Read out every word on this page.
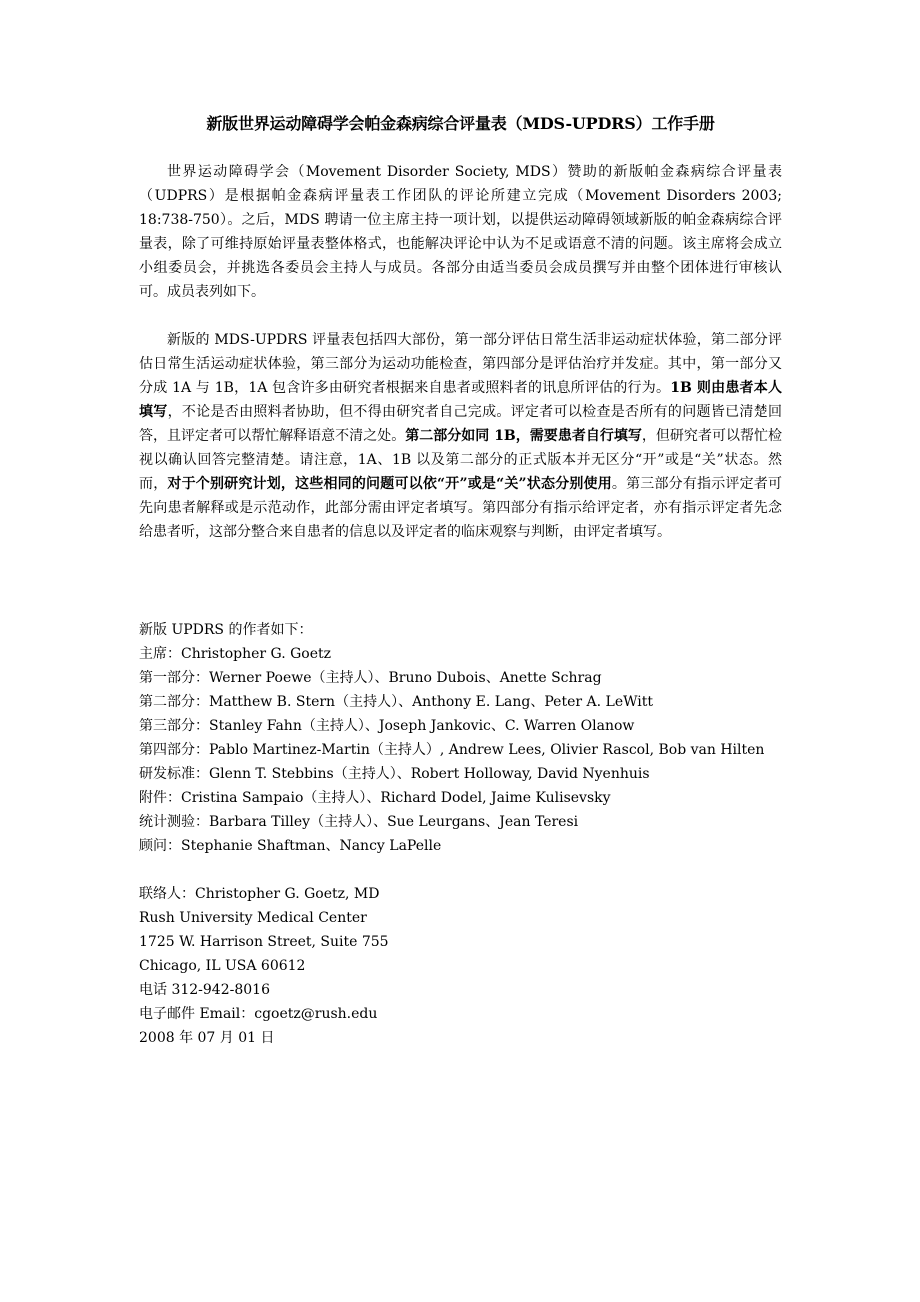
新版世界运动障碍学会帕金森病综合评量表（MDS-UPDRS）工作手册

世界运动障碍学会（Movement Disorder Society, MDS）赞助的新版帕金森病综合评量表（UDPRS）是根据帕金森病评量表工作团队的评论所建立完成（Movement Disorders 2003; 18:738-750）。之后，MDS 聘请一位主席主持一项计划，以提供运动障碍领域新版的帕金森病综合评量表，除了可维持原始评量表整体格式，也能解决评论中认为不足或语意不清的问题。该主席将会成立小组委员会，并挑选各委员会主持人与成员。各部分由适当委员会成员撰写并由整个团体进行审核认可。成员表列如下。

新版的 MDS-UPDRS 评量表包括四大部份，第一部分评估日常生活非运动症状体验，第二部分评估日常生活运动症状体验，第三部分为运动功能检查，第四部分是评估治疗并发症。其中，第一部分又分成 1A 与 1B，1A 包含许多由研究者根据来自患者或照料者的讯息所评估的行为。1B 则由患者本人填写，不论是否由照料者协助，但不得由研究者自己完成。评定者可以检查是否所有的问题皆已清楚回答，且评定者可以帮忙解释语意不清之处。第二部分如同 1B，需要患者自行填写，但研究者可以帮忙检视以确认回答完整清楚。请注意，1A、1B 以及第二部分的正式版本并无区分“开”或是“关”状态。然而，对于个别研究计划，这些相同的问题可以依“开”或是“关”状态分别使用。第三部分有指示评定者可先向患者解释或是示范动作，此部分需由评定者填写。第四部分有指示给评定者，亦有指示评定者先念给患者听，这部分整合来自患者的信息以及评定者的临床观察与判断，由评定者填写。

新版 UPDRS 的作者如下：
主席：Christopher G. Goetz
第一部分：Werner Poewe（主持人）、Bruno Dubois、Anette Schrag
第二部分：Matthew B. Stern（主持人）、Anthony E. Lang、Peter A. LeWitt
第三部分：Stanley Fahn（主持人）、Joseph Jankovic、C. Warren Olanow
第四部分：Pablo Martinez-Martin（主持人）, Andrew Lees, Olivier Rascol, Bob van Hilten
研发标准：Glenn T. Stebbins（主持人）、Robert Holloway, David Nyenhuis
附件：Cristina Sampaio（主持人）、Richard Dodel, Jaime Kulisevsky
统计测验：Barbara Tilley（主持人）、Sue Leurgans、Jean Teresi
顾问：Stephanie Shaftman、Nancy LaPelle
联络人：Christopher G. Goetz, MD
Rush University Medical Center
1725 W. Harrison Street, Suite 755
Chicago, IL USA 60612
电话 312-942-8016
电子邮件 Email：cgoetz@rush.edu
2008 年 07 月 01 日
